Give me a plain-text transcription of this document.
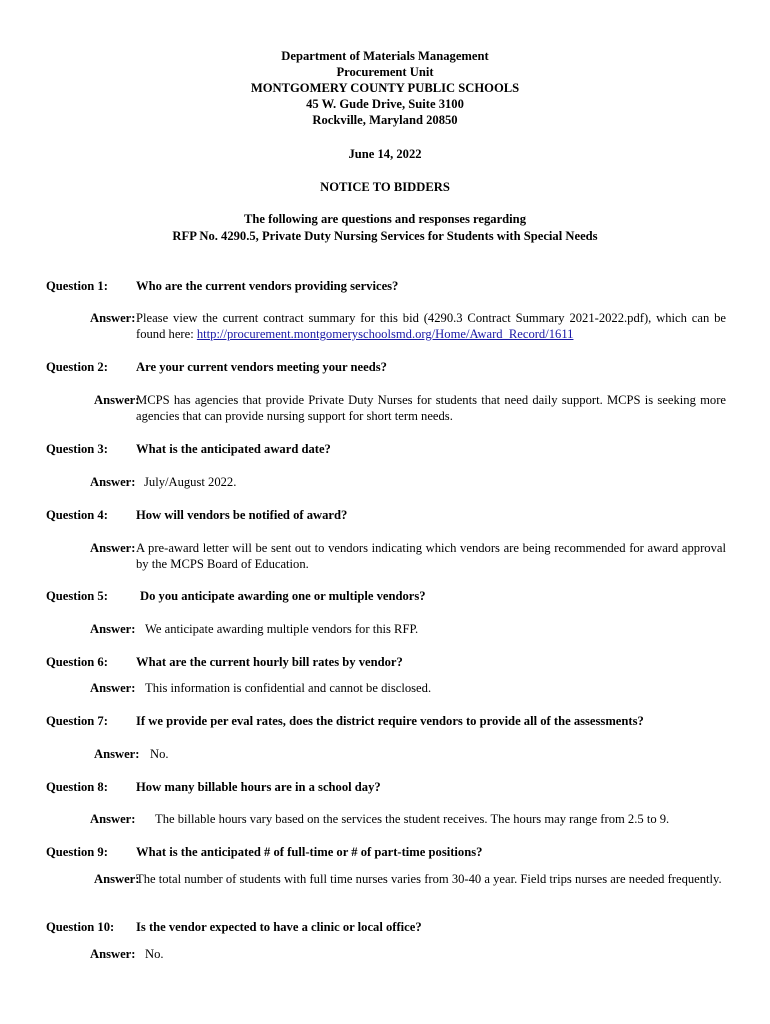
Department of Materials Management
Procurement Unit
MONTGOMERY COUNTY PUBLIC SCHOOLS
45 W. Gude Drive, Suite 3100
Rockville, Maryland 20850
June 14, 2022
NOTICE TO BIDDERS
The following are questions and responses regarding
RFP No. 4290.5, Private Duty Nursing Services for Students with Special Needs
Question 1: Who are the current vendors providing services?
Answer: Please view the current contract summary for this bid (4290.3 Contract Summary 2021-2022.pdf), which can be found here: http://procurement.montgomeryschoolsmd.org/Home/Award_Record/1611
Question 2: Are your current vendors meeting your needs?
Answer:
MCPS has agencies that provide Private Duty Nurses for students that need daily support. MCPS is seeking more agencies that can provide nursing support for short term needs.
Question 3: What is the anticipated award date?
Answer: July/August 2022.
Question 4: How will vendors be notified of award?
Answer: A pre-award letter will be sent out to vendors indicating which vendors are being recommended for award approval by the MCPS Board of Education.
Question 5:	Do you anticipate awarding one or multiple vendors?
Answer: We anticipate awarding multiple vendors for this RFP.
Question 6: What are the current hourly bill rates by vendor?
Answer: This information is confidential and cannot be disclosed.
Question 7: If we provide per eval rates, does the district require vendors to provide all of the assessments?
Answer: No.
Question 8: How many billable hours are in a school day?
Answer: The billable hours vary based on the services the student receives. The hours may range from 2.5 to 9.
Question 9: What is the anticipated # of full-time or # of part-time positions?
Answer:
The total number of students with full time nurses varies from 30-40 a year. Field trips nurses are needed frequently.
Question 10: Is the vendor expected to have a clinic or local office?
Answer: No.
